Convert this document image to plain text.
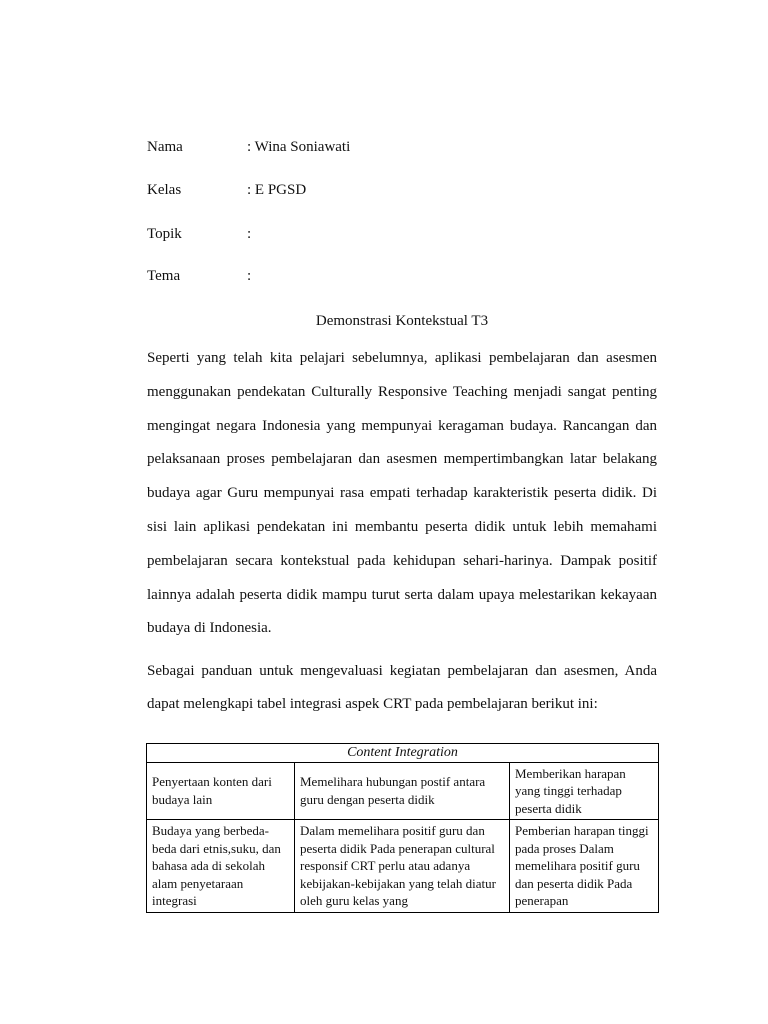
Nama	: Wina Soniawati
Kelas	: E PGSD
Topik	:
Tema	:
Demonstrasi Kontekstual T3

Seperti yang telah kita pelajari sebelumnya, aplikasi pembelajaran dan asesmen menggunakan pendekatan Culturally Responsive Teaching menjadi sangat penting mengingat negara Indonesia yang mempunyai keragaman budaya. Rancangan dan pelaksanaan proses pembelajaran dan asesmen mempertimbangkan latar belakang budaya agar Guru mempunyai rasa empati terhadap karakteristik peserta didik. Di sisi lain aplikasi pendekatan ini membantu peserta didik untuk lebih memahami pembelajaran secara kontekstual pada kehidupan sehari-harinya. Dampak positif lainnya adalah peserta didik mampu turut serta dalam upaya melestarikan kekayaan budaya di Indonesia.

Sebagai panduan untuk mengevaluasi kegiatan pembelajaran dan asesmen, Anda dapat melengkapi tabel integrasi aspek CRT pada pembelajaran berikut ini:

Content Integration		
Penyertaan konten dari budaya lain	Memelihara hubungan postif antara guru dengan peserta didik	Memberikan harapan yang tinggi terhadap peserta didik
Budaya yang berbeda-beda dari etnis,suku, dan bahasa ada di sekolah alam penyetaraan integrasi	Dalam memelihara positif guru dan peserta didik Pada penerapan cultural responsif CRT perlu atau adanya kebijakan-kebijakan yang telah diatur oleh guru kelas yang	Pemberian harapan tinggi pada proses Dalam memelihara positif guru dan peserta didik Pada penerapan
